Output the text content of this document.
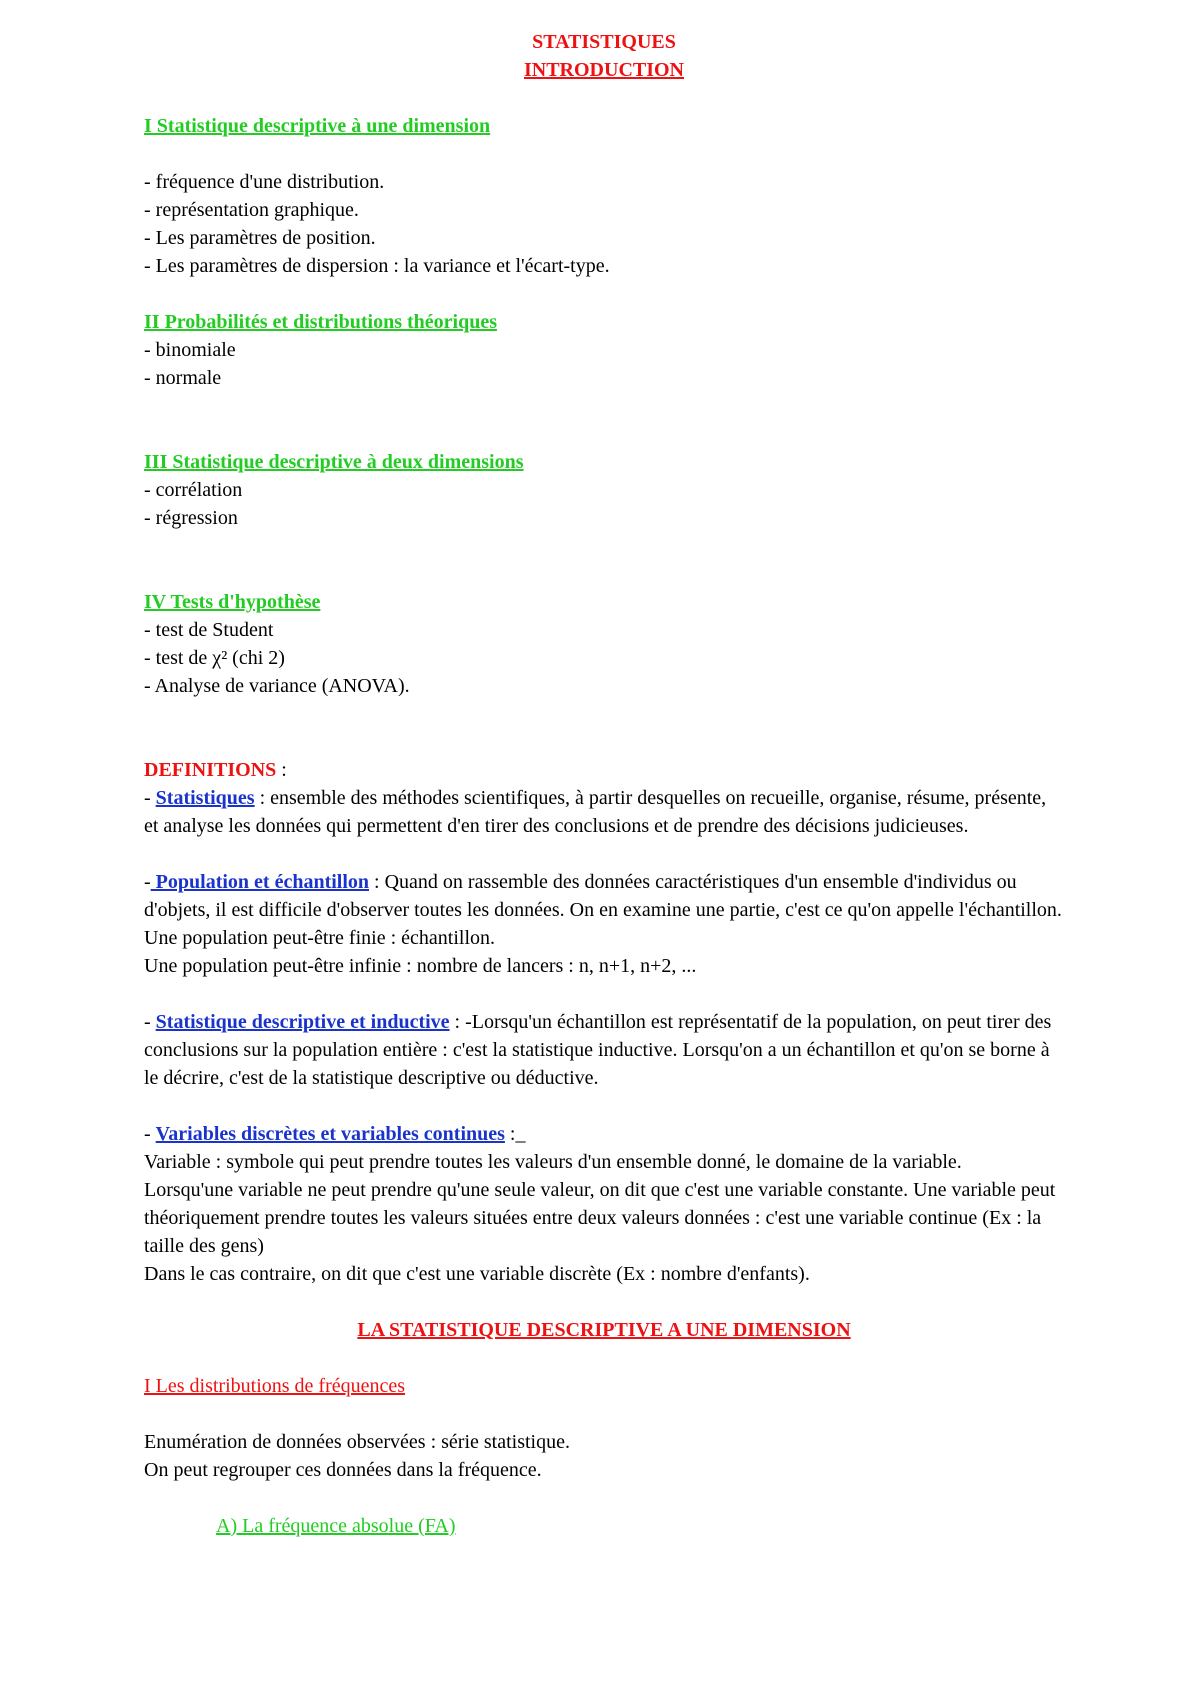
STATISTIQUES
INTRODUCTION
I Statistique descriptive à une dimension
- fréquence d'une distribution.
- représentation graphique.
- Les paramètres de position.
- Les paramètres de dispersion : la variance et l'écart-type.
II Probabilités et distributions théoriques
- binomiale
- normale
III Statistique descriptive à deux dimensions
- corrélation
- régression
IV Tests d'hypothèse
- test de Student
- test de χ² (chi 2)
- Analyse de variance (ANOVA).
DEFINITIONS :
- Statistiques : ensemble des méthodes scientifiques, à partir desquelles on recueille, organise, résume, présente, et analyse les données qui permettent d'en tirer des conclusions et de prendre des décisions judicieuses.
- Population et échantillon : Quand on rassemble des données caractéristiques d'un ensemble d'individus ou d'objets, il est difficile d'observer toutes les données. On en examine une partie, c'est ce qu'on appelle l'échantillon.
Une population peut-être finie : échantillon.
Une population peut-être infinie : nombre de lancers : n, n+1, n+2, ...
- Statistique descriptive et inductive : -Lorsqu'un échantillon est représentatif de la population, on peut tirer des conclusions sur la population entière : c'est la statistique inductive. Lorsqu'on a un échantillon et qu'on se borne à le décrire, c'est de la statistique descriptive ou déductive.
- Variables discrètes et variables continues :_
Variable : symbole qui peut prendre toutes les valeurs d'un ensemble donné, le domaine de la variable.
Lorsqu'une variable ne peut prendre qu'une seule valeur, on dit que c'est une variable constante. Une variable peut théoriquement prendre toutes les valeurs situées entre deux valeurs données : c'est une variable continue (Ex : la taille des gens)
Dans le cas contraire, on dit que c'est une variable discrète (Ex : nombre d'enfants).
LA STATISTIQUE DESCRIPTIVE A UNE DIMENSION
I Les distributions de fréquences
Enumération de données observées : série statistique.
On peut regrouper ces données dans la fréquence.
A) La fréquence absolue (FA)
